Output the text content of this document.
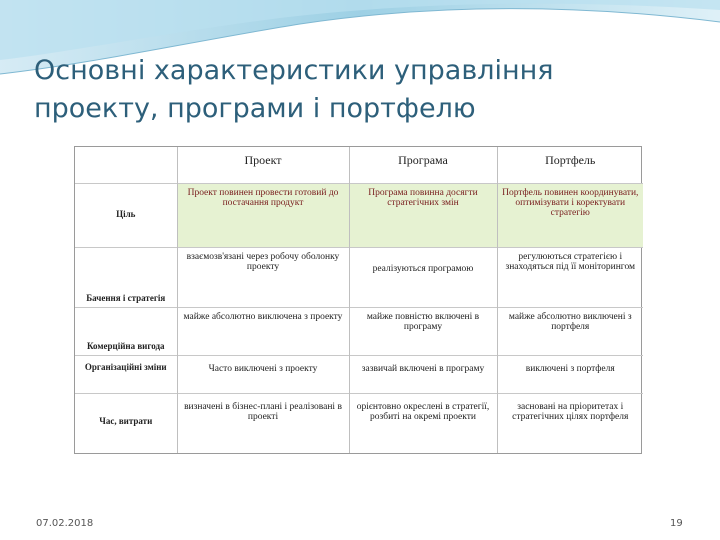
Основні характеристики управління проекту, програми і портфелю
	Проект	Програма	Портфель
Ціль	Проект повинен провести готовий до постачання продукт	Програма повинна досягти стратегічних змін	Портфель повинен координувати, оптимізувати і коректувати стратегію
Бачення і стратегія	взаємозв'язані через робочу оболонку проекту	реалізуються програмою	регулюються стратегією і знаходяться під її моніторингом
Комерційна вигода	майже абсолютно виключена з проекту	майже повністю включені в програму	майже абсолютно виключені з портфеля
Організаційні зміни	Часто виключені з проекту	зазвичай включені в програму	виключені з портфеля
Час, витрати	визначені в бізнес-плані і реалізовані в проекті	орієнтовно окреслені в стратегії, розбиті на окремі проекти	засновані на пріоритетах і стратегічних цілях портфеля
07.02.2018	19
